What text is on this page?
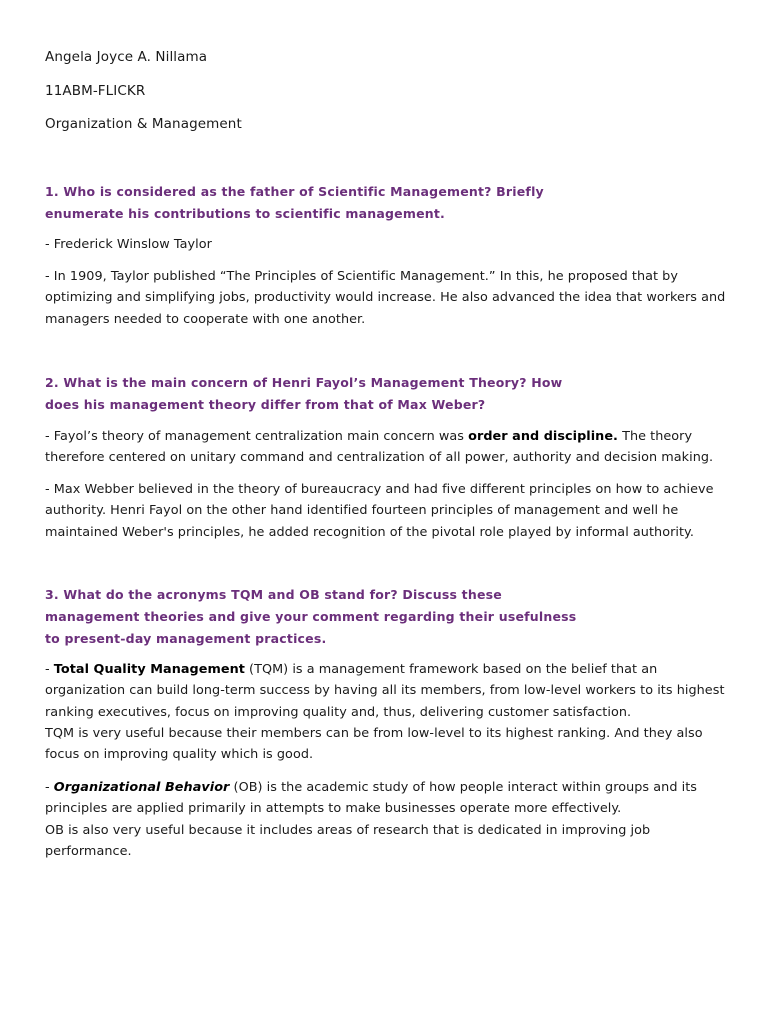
Angela Joyce A. Nillama
11ABM-FLICKR
Organization & Management
1. Who is considered as the father of Scientific Management? Briefly
enumerate his contributions to scientific management.
- Frederick Winslow Taylor
- In 1909, Taylor published “The Principles of Scientific Management.” In this, he proposed that by optimizing and simplifying jobs, productivity would increase. He also advanced the idea that workers and managers needed to cooperate with one another.
2. What is the main concern of Henri Fayol’s Management Theory? How
does his management theory differ from that of Max Weber?
- Fayol’s theory of management centralization main concern was order and discipline. The theory therefore centered on unitary command and centralization of all power, authority and decision making.
- Max Webber believed in the theory of bureaucracy and had five different principles on how to achieve authority. Henri Fayol on the other hand identified fourteen principles of management and well he maintained Weber's principles, he added recognition of the pivotal role played by informal authority.
3. What do the acronyms TQM and OB stand for? Discuss these
management theories and give your comment regarding their usefulness
to present-day management practices.
- Total Quality Management (TQM) is a management framework based on the belief that an organization can build long-term success by having all its members, from low-level workers to its highest ranking executives, focus on improving quality and, thus, delivering customer satisfaction.
TQM is very useful because their members can be from low-level to its highest ranking. And they also focus on improving quality which is good.
- Organizational Behavior (OB) is the academic study of how people interact within groups and its principles are applied primarily in attempts to make businesses operate more effectively.
OB is also very useful because it includes areas of research that is dedicated in improving job performance.
